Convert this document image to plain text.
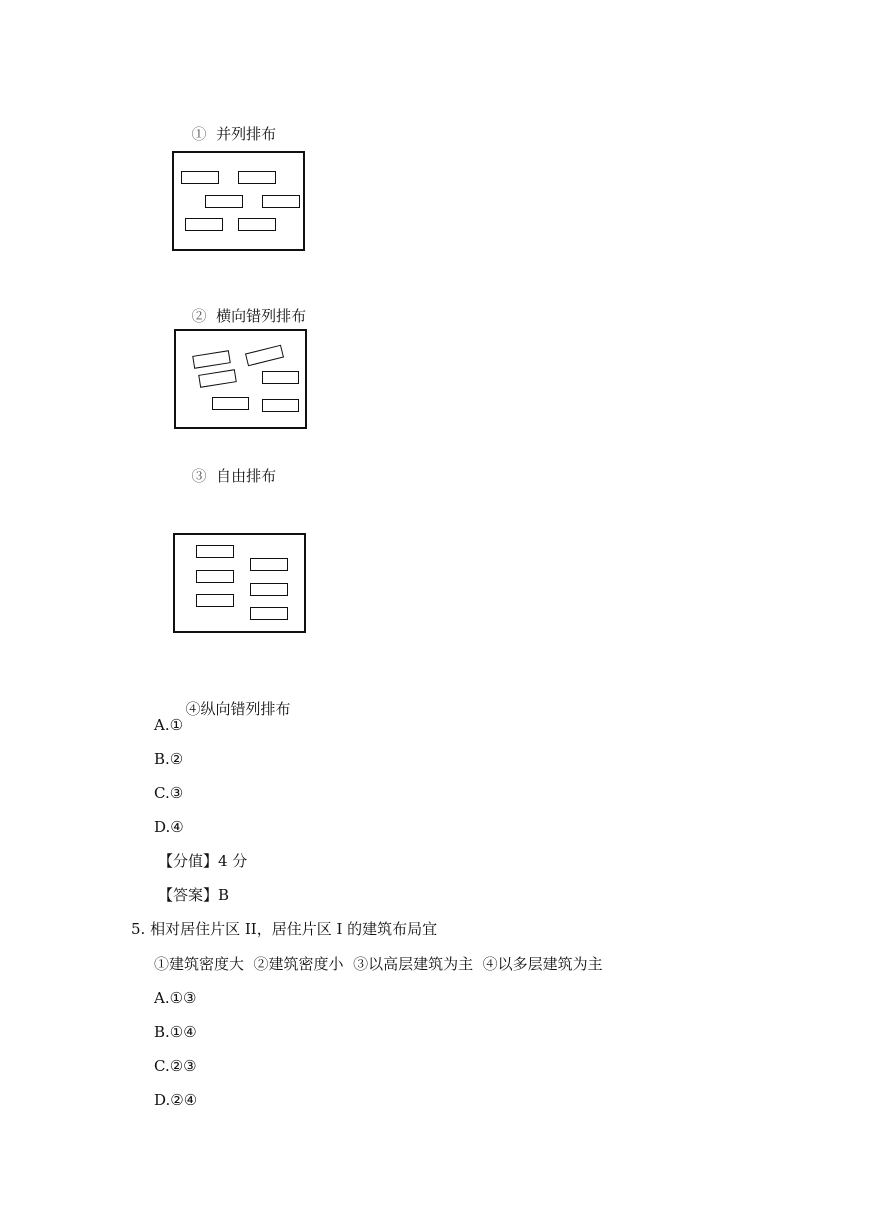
① 并列排布

② 横向错列排布

③ 自由排布

④纵向错列排布

A.①
B.②
C.③
D.④
【分值】4 分
【答案】B
5. 相对居住片区 II，居住片区 I 的建筑布局宜
①建筑密度大  ②建筑密度小  ③以高层建筑为主  ④以多层建筑为主
A.①③
B.①④
C.②③
D.②④
